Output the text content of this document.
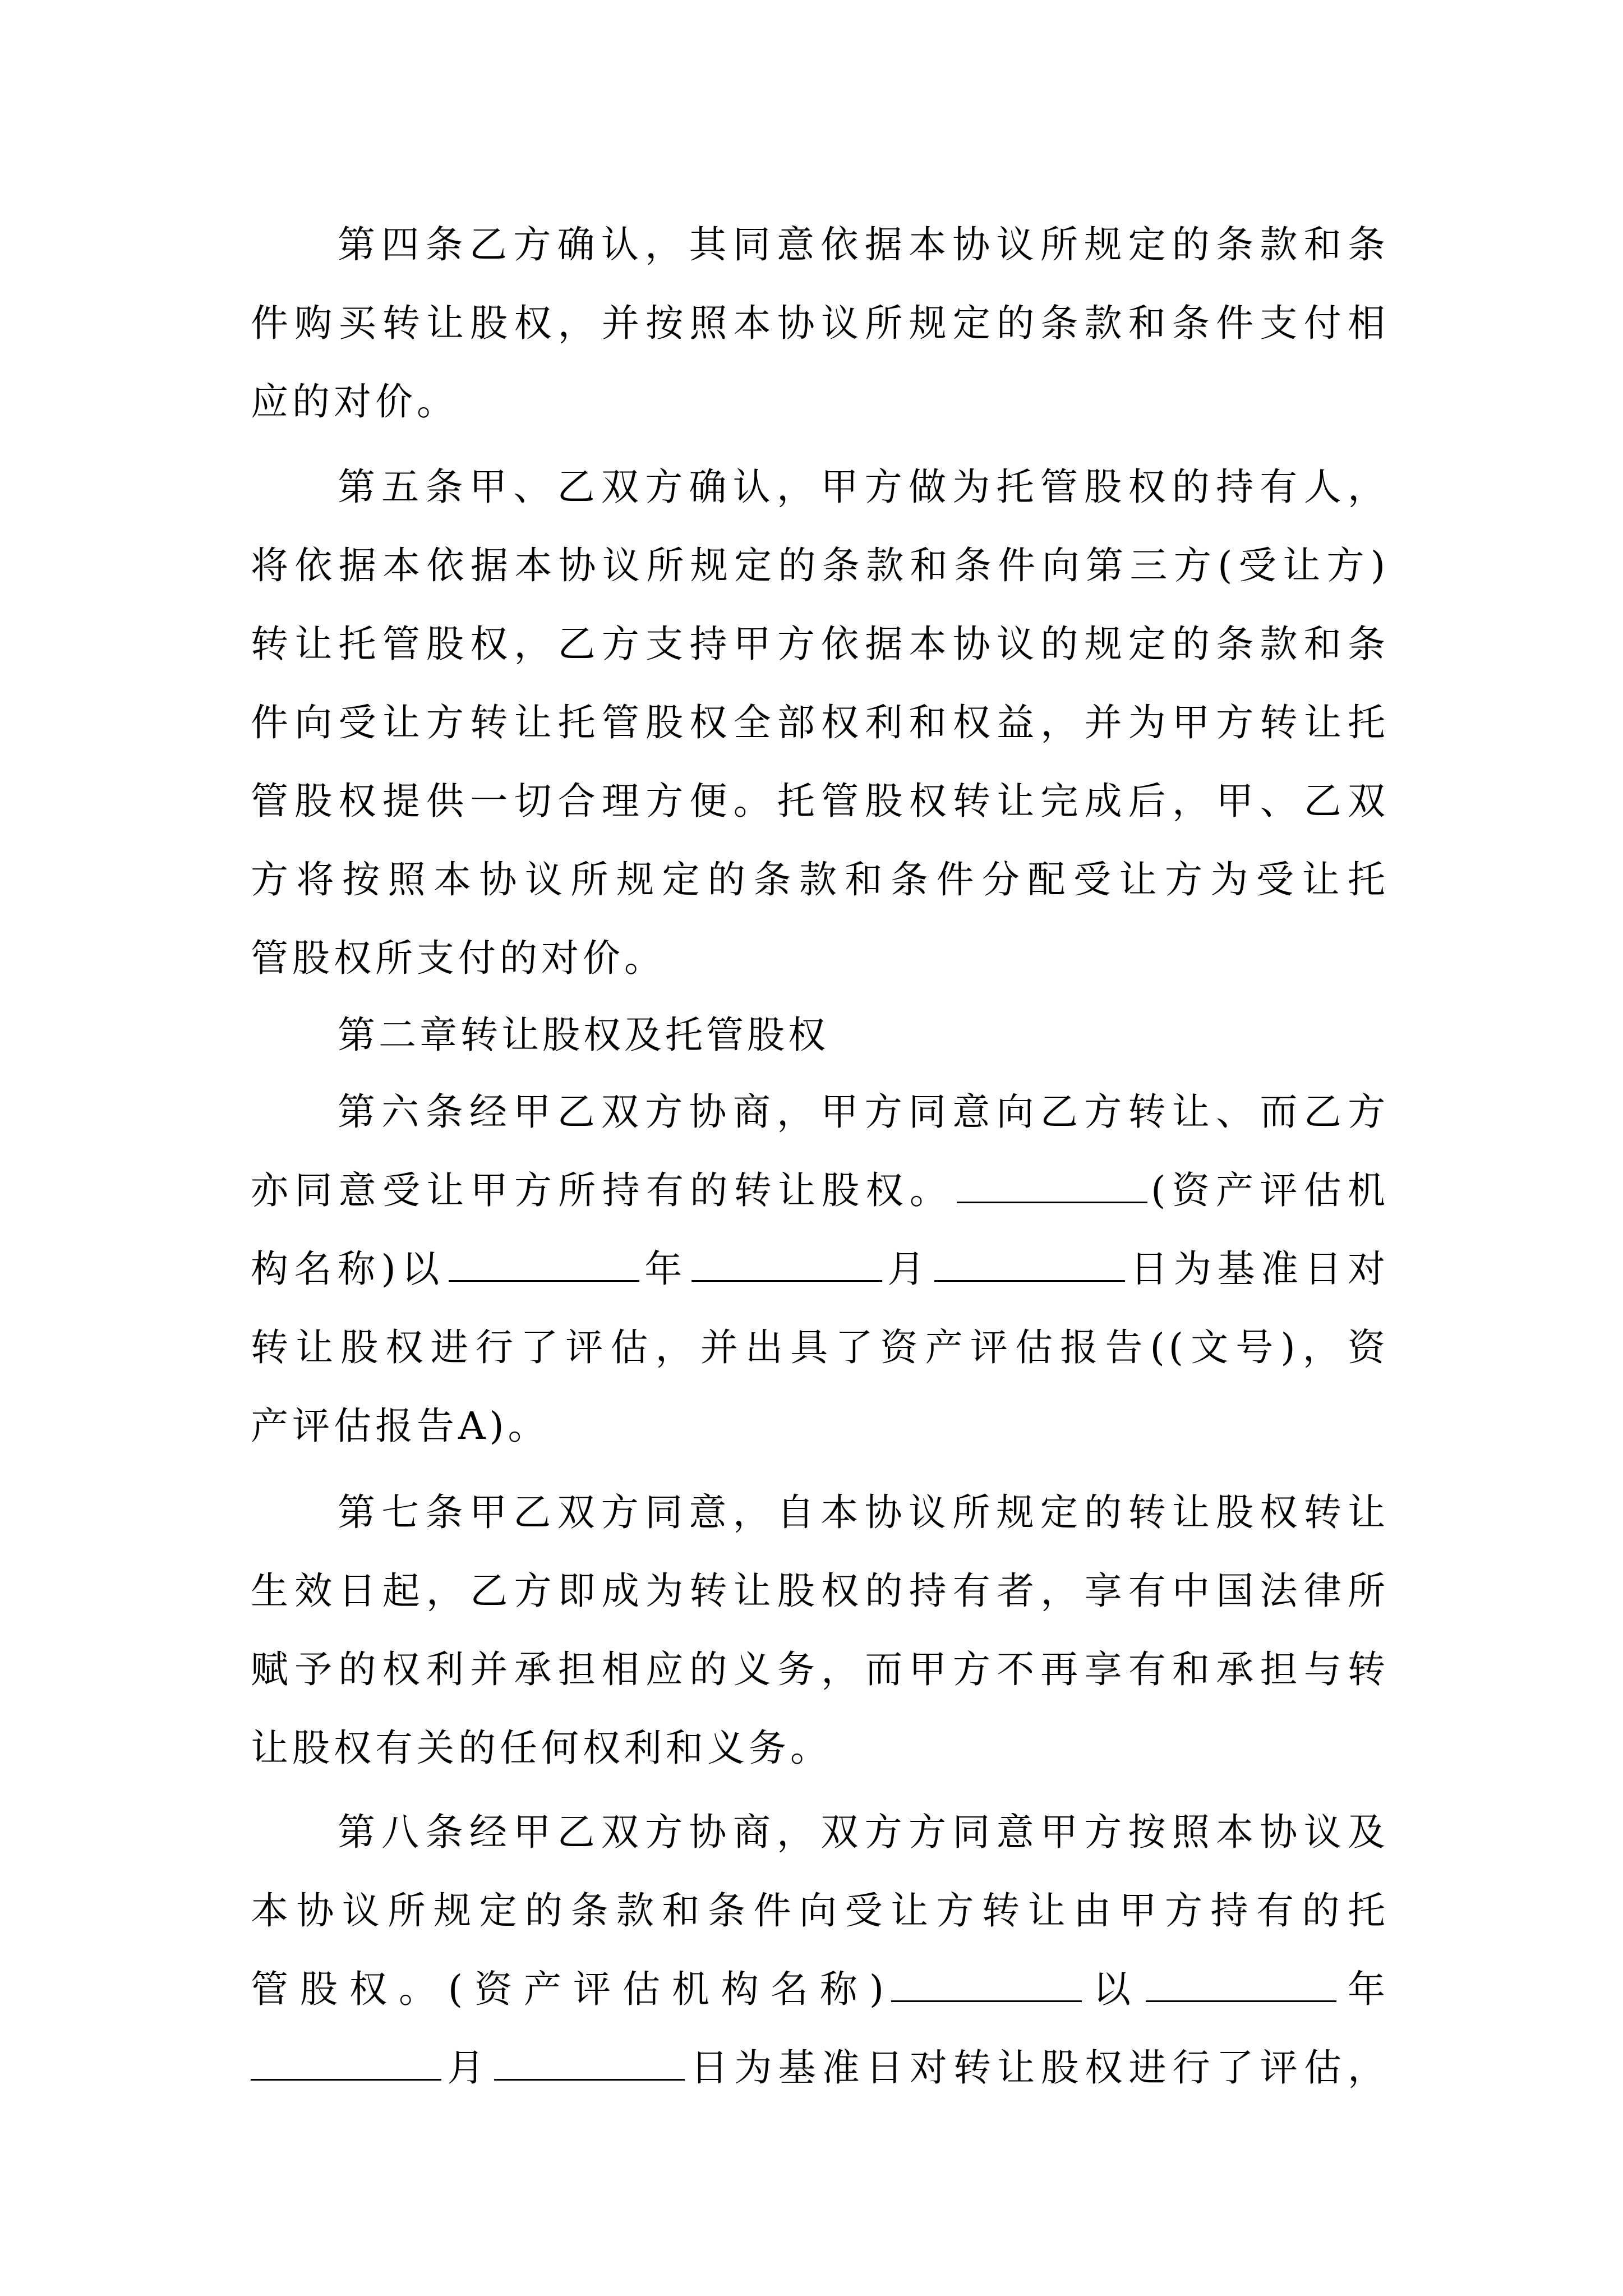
第四条乙方确认，其同意依据本协议所规定的条款和条
件购买转让股权，并按照本协议所规定的条款和条件支付相
应的对价。
第五条甲、乙双方确认，甲方做为托管股权的持有人，
将依据本依据本协议所规定的条款和条件向第三方(受让方)
转让托管股权，乙方支持甲方依据本协议的规定的条款和条
件向受让方转让托管股权全部权利和权益，并为甲方转让托
管股权提供一切合理方便。托管股权转让完成后，甲、乙双
方将按照本协议所规定的条款和条件分配受让方为受让托
管股权所支付的对价。
第二章转让股权及托管股权
第六条经甲乙双方协商，甲方同意向乙方转让、而乙方
亦同意受让甲方所持有的转让股权。	(资产评估机
构名称)以	年	月	日为基准日对
转让股权进行了评估，并出具了资产评估报告((文号)，资
产评估报告A)。
第七条甲乙双方同意，自本协议所规定的转让股权转让
生效日起，乙方即成为转让股权的持有者，享有中国法律所
赋予的权利并承担相应的义务，而甲方不再享有和承担与转
让股权有关的任何权利和义务。
第八条经甲乙双方协商，双方方同意甲方按照本协议及
本协议所规定的条款和条件向受让方转让由甲方持有的托
管股权。(资产评估机构名称)	以	年
月	日为基准日对转让股权进行了评估，
